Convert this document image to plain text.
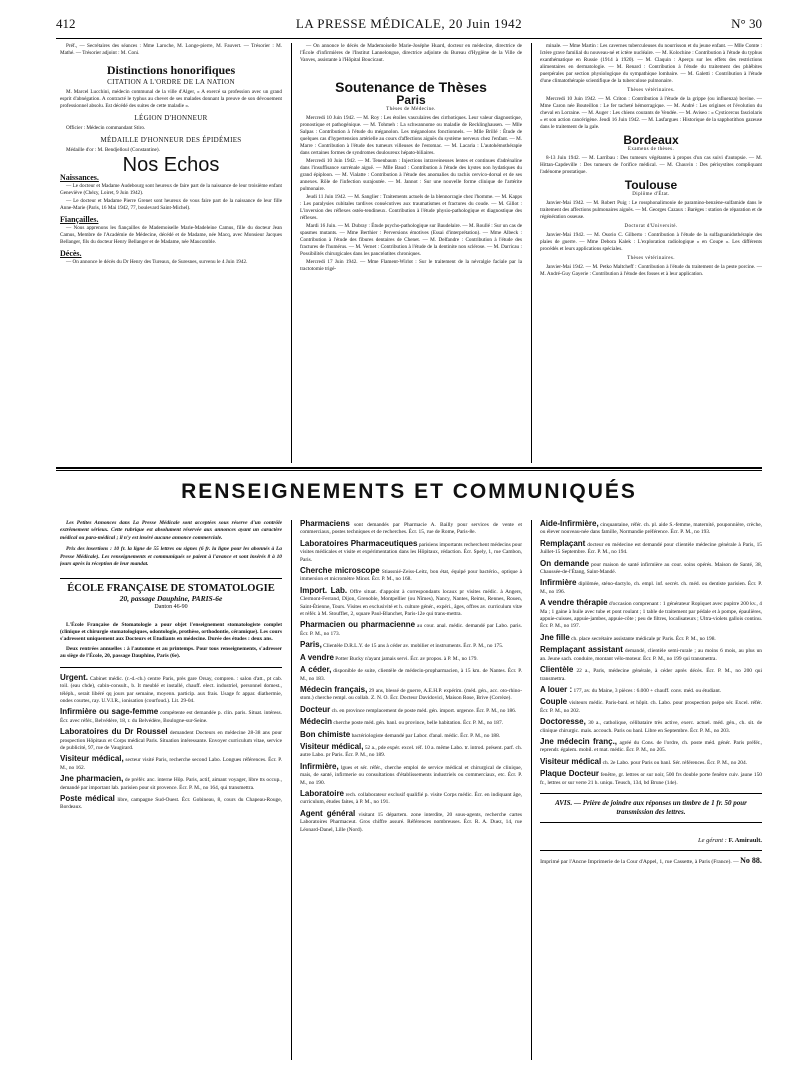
412	LA PRESSE MÉDICALE, 20 Juin 1942	N° 30

Préf., — Secrétaires des séances : Mme Laroche, M. Longe-pierre, M. Fauvert. — Trésorier : M. Mathé. — Trésorier adjoint : M. Coni.

Distinctions honorifiques
CITATION A L'ORDRE DE LA NATION

M. Marcel Lucchini, médecin communal de la ville d'Alger, « A exercé sa profession avec un grand esprit d'abnégation. A contracté le typhus au chevet de ses malades donnant la preuve de son dévouement professionnel absolu. Est décédé des suites de cette maladie ».

LÉGION D'HONNEUR

Officier : Médecin commandant Stiro.

MÉDAILLE D'HONNEUR DES ÉPIDÉMIES

Médaille d'or : M. Bendjelloul (Constantine).

Nos Echos
Naissances.

— Le docteur et Madame Audebourg sont heureux de faire part de la naissance de leur troisième enfant Geneviève (Chézy, Loiret, 9 Juin 1942).

— Le docteur et Madame Pierre Grenet sont heureux de vous faire part de la naissance de leur fille Anne-Marie (Paris, 16 Mai 1942, 77, boulevard Saint-Michel).

Fiançailles.

— Nous apprenons les fiançailles de Mademoiselle Marie-Madeleine Camus, fille du docteur Jean Camus, Membre de l'Académie de Médecine, décédé et de Madame, née Macq, avec Monsieur Jacques Bellanger, fils du docteur Henry Bellanger et de Madame, née Maucomble.

Décès.

— On annonce le décès du Dr Henry des Tureaux, de Suresnes, survenu le 4 Juin 1942.

— On annonce le décès de Mademoiselle Marie-Joséphe Huard, docteur en médecine, directrice de l'École d'infirmières de l'Institut Lannelongue, directrice adjointe du Bureau d'Hygiène de la Ville de Vanves, assistante à l'Hôpital Boucicaut.

Soutenance de Thèses
Paris
Thèses de Médecine.

Mercredi 10 Juin 1942. — M. Roy : Les étoiles vasculaires des cirrhotiques. Leur valeur diagnostique, pronostique et pathogénique. — M. Tohmeh : La schwannome ou maladie de Recklinghausen. — Mlle Salpas : Contribution à l'étude du méganolon. Les méganolons fonctionnels. — Mlle Brillé : Étude de quelques cas d'hypertension artérielle au cours d'affections aiguës du système nerveux chez l'enfant. — M. Marre : Contribution à l'étude des tumeurs villeuses de l'estomac. — M. Lacaria : L'autohémothérapie dans certaines formes de syndromes douloureux hépato-biliaires.

Mercredi 10 Juin 1942. — M. Tenenbaum : Injections intraveineuses lentes et continues d'adrénaline dans l'insuffisance surrénale aiguë. — Mlle Baud : Contribution à l'étude des kystes non hydatiques du grand épiploon. — M. Vialatte : Contribution à l'étude des anomalies du rachis cervico-dorsal et de ses annexes. Rôle de l'infection surajoutée. — M. Jannot : Sur une nouvelle forme clinique de l'artérite pulmonaire.

Jeudi 11 Juin 1942. — M. Sanglier : Traitements actuels de la blennorragie chez l'homme. — M. Kapps : Les paralysies cubitales tardives consécutives aux traumatismes et fractures du coude. — M. Gillot : L'inversion des réflexes ostéo-tendineux. Contribution à l'étude physio-pathologique et diagnostique des réflexes.

Mardi 16 Juin. — M. Dubray : Étude psycho-pathologique sur Baudelaire. — M. Roullé : Sur un cas de spasmes mutants. — Mme Berthier : Perversions émotives (Essai d'interprétation). — Mme Albeck : Contribution à l'étude des fibures dentaires de Chenet. — M. Delfandre : Contribution à l'étude des fractures de l'humérus. — M. Vernet : Contribution à l'étude de la dentinite non sclérose. — M. Darricau : Possibilités chirurgicales dans les pancréatites chroniques.

Mercredi 17 Juin 1942. — Mme Flament-Wirlot : Sur le traitement de la névralgie faciale par la tractotomie trigé-

minale. — Mme Martin : Les cavernes tuberculeuses du nourrisson et du jeune enfant. — Mlle Comte : Ictère grave familial du nouveau-né et ictère nucléaire. — M. Kolochine : Contribution à l'étude du typhus exanthématique en Russie (1914 à 1920). — M. Claquin : Aperçu sur les effets des restrictions alimentaires en dermatologie. — M. Renard : Contribution à l'étude du traitement des phlébites puerpérales par section physiologique du sympathique lombaire. — M. Galetti : Contribution à l'étude d'une climatothérapie scientifique de la tuberculose pulmonaire.

Thèses vétérinaires.

Mercredi 10 Juin 1942. — M. Criton : Contribution à l'étude de la grippe (ou influenza) bovine. — Mme Caron née Bouteillon : Le fer tacheté hémorragique. — M. André : Les origines et l'évolution du cheval en Lorraine. — M. Auger : Les chiens courants de Vendée. — M. Aviseo : « Cysticercus fasciolaris » et son action cancérigène. Jeudi 16 Juin 1942. — M. Lasfargues : Historique de la sapphotithon gazeuse dans le traitement de la gale.

Bordeaux
Examens de thèses.

8-13 Juin 1942. — M. Larribau : Des tumeurs végétantes à propos d'un cas suivi d'autopsie. — M. Hittan-Capdeville : Des tumeurs de l'orifice médical. — M. Chauvin : Des périsystites compliquant l'adénome prostatique.

Toulouse
Diplôme d'État.

Janvier-Mai 1942. — M. Robert Puig : Le rossphonalimonie de paramino-benzène-sulfamide dans le traitement des affections pulmonaires aiguës. — M. Georges Cazaux : Barèges : station de réparation et de régénération osseuse.

Doctorat d'Université.

Janvier-Mai 1942. — M. Osorio C. Gilberto : Contribution à l'étude de la sulfaguanidothérapie des plaies de guerre. — Mme Debora Kalek : L'exploration radiologique « en Coupe ». Les différents procédés et leurs applications spéciales.

Thèses vétérinaires.

Janvier-Mai 1942. — M. Petko Maltcheff : Contribution à l'étude du traitement de la peste porcine. — M. André-Guy Gayerie : Contribution à l'étude des fosses et à leur application.

RENSEIGNEMENTS ET COMMUNIQUÉS

Les Petites Annonces dans La Presse Médicale sont acceptées sous réserve d'un contrôle extrêmement sérieux. Cette rubrique est absolument réservée aux annonces ayant un caractère médical ou para-médical ; il n'y est inséré aucune annonce commerciale.

Prix des insertions : 10 fr. la ligne de 55 lettres ou signes (6 fr. la ligne pour les abonnés à La Presse Médicale). Les renseignements et communiqués se paient à l'avance et sont insérés 8 à 10 jours après la réception de leur mandat.

ÉCOLE FRANÇAISE DE STOMATOLOGIE
20, passage Dauphine, PARIS-6e
Danton 46-90

L'École Française de Stomatologie a pour objet l'enseignement stomatologiste complet (clinique et chirurgie stomatologiques, odontologie, prothèse, orthodontie, céramique). Les cours s'adressent uniquement aux Docteurs et Etudiants en médecine. Durée des études : deux ans.

Deux rentrées annuelles : à l'automne et au printemps. Pour tous renseignements, s'adresser au siège de l'École, 20, passage Dauphine, Paris (6e).

Urgent. Cabinet médic. (r.-d.-ch.) centre Paris, près gare Orsay, compren. : salon d'att., pt cab. toil. (eau chde), cabin-consult., b. It meublé et installé, chauff. elect. industriel, personnel domest., téléph., serait libéré qq jours par semaine, moyenn. particip. aux frais. Usage fc appar. diathermie, ondes courtes, ray. U.V.I.R., ionisation (courfoud.). Lit. 29-04.

Infirmière ou sage-femme compétente est demandée p. clin. paris. Situat. intéress. Écr. avec référ., Belvédère, 18, r. du Belvédère, Boulogne-sur-Seine.

Laboratoires du Dr Roussel demandent Docteurs en médecine 28-38 ans pour prospection Hôpitaux et Corps médical Paris. Situation intéressante. Envoyer curriculum vitae, service de publicité, 97, rue de Vaugirard.

Visiteur médical, secteur visité Paris, recherche second Labo. Longues références. Écr. P. M., no 162.

Jne pharmacien, de préfér. anc. interne Hôp. Paris, actif, aimant voyager, libre tts occup., demandé par important lab. parisien pour sit provence. Écr. P. M., no 164, qui transmettra.

Poste médical libre, campagne Sud-Ouest. Écr. Gobineau, 8, cours du Chapeau-Rouge, Bordeaux.

Pharmaciens sont demandés par Pharmacie A. Bailly pour services de vente et commerciaux, postes techniques et de recherches. Écr. 15, rue de Rome, Paris-8e.

Laboratoires Pharmaceutiques parisiens importants recherchent médecins pour visites médicales et visite et expérimentation dans les Hôpitaux, rédaction. Écr. Spely, 1, rue Cambon, Paris.

Cherche microscope Stiassnié-Zeiss-Leitz, bon état, équipé pour bactério., optique à immersion et micromètre Minot. Écr. P. M., no 168.

Import. Lab. Offre situat. d'appoint à correspondants locaux pr visites médic. à Angers, Clermont-Ferrand, Dijon, Grenoble, Montpellier (ou Nîmes), Nancy, Nantes, Reims, Rennes, Rouen, Saint-Étienne, Tours. Visites en exclusivité et h. culture génér., expéri., âges, offres av. curriculum vitæ et référ. à M. Stoufflet, 2, square Paul-Blanchet, Paris-12e qui trans-mettra.

Pharmacien ou pharmacienne au cour. anal. médic. demandé par Labo. paris. Écr. P. M., no 173.

Paris, Clientèle D.R.L.Y. de 15 ans à céder av. mobilier et instruments. Écr. P. M., no 175.

A vendre Potter Bucky n'ayant jamais servi. Écr. av propos. à P. M., no 179.

A céder, disponible de suite, clientèle de médecin-propharmacien, à 15 km. de Nantes. Écr. P. M., no 183.

Médecin français, 29 ans, blessé de guerre, A.E.H.P. expérim. (méd. gén., acc. oto-rhino-stom.) cherche rempl. ou collab. Z. N. O. Écr. Docteur Davidovici, Maison Rose, Brive (Corrèze).

Docteur ch. en province remplacement de poste méd. gén. import. urgence. Écr. P. M., no 186.

Médecin cherche poste méd. gén. banl. ou province, belle habitation. Écr. P. M., no 187.

Bon chimiste bactériologiste demandé par Labor. d'anal. médic. Écr. P. M., no 188.

Visiteur médical, 52 a., pde expér. excel. réf. 10 a. même Labo. tr. introd. présent. parf. ch. autre Labo. pr Paris. Écr. P. M., no 189.

Infirmière, lgues et sér. référ., cherche emploi de service médical et chirurgical de clinique, mais, de santé, infirmerie ou consultations d'établissements industriels ou commerciaux, etc. Écr. P. M., no 190.

Laboratoire rech. collaborateur exclusif qualifié p. visite Corps médic. Écr. en indiquant âge, curriculum, études faites, à P. M., no 191.

Agent général visitant 15 départem. zone interdite, 20 sous-agents, recherche cartes Laboratoires Pharmaceut. Gros chiffre assuré. Références nombreuses. Écr. R. A. Duez, 14, rue Léonard-Danel, Lille (Nord).

Aide-Infirmière, cinquantaine, référ. ch. pl. aide S.-femme, maternité, pouponnière, crèche, ou élever nouveau-née dans famille, Normandie préférence. Écr. P. M., no 193.

Remplaçant docteur en médecine est demandé pour clientèle médecine générale à Paris, 15 Juillet-15 Septembre. Écr. P. M., no 194.

On demande pour maison de santé infirmière au cour. soins opérés. Maison de Santé, 38, Chaussée-de-l'Étang, Saint-Mandé.

Infirmière diplômée, sténo-dactylo, ch. empl. inf. secrét. ch. méd. ou dentiste parisien. Écr. P. M., no 196.

A vendre thérapie d'occasion comprenant : 1 générateur Ropiquet avec pupitre 200 kv., 4 Ma ; 1 gaine à huile avec tube et pont roulant ; 1 table de traitement par pédale et à pompe, épaulières, appuie-cuisses, appuie-jambes, appuie-côte ; peu de filtres, localisateurs ; Ultra-violets gallois continu. Écr. P. M., no 197.

Jne fille ch. place secrétaire assistante médicale pr Paris. Écr. P. M., no 198.

Remplaçant assistant demandé, clientèle semi-rurale ; au moins 6 mois, au plus un an. Jeune sach. conduire, montant vélo-moteur. Écr. P. M., no 199 qui transmettra.

Clientèle 22 a., Paris, médecine générale, à céder après décès. Écr. P. M., no 200 qui transmettra.

A louer : 177, av. du Maine, 3 pièces : 6.000 + chauff. conv. méd. ou étudiant.

Couple visiteurs médic. Paris-banl. et hôpit. ch. Labo. pour prospection psépo sér. Excel. référ. Écr. P. M., no 202.

Doctoresse, 30 a., catholique, célibataire très active, exerc. actuel. méd. gén., ch. sit. de clinique chirurgic. mais. accouch. Paris ou banl. Libre en Septembre. Écr. P. M., no 203.

Jne médecin franç., agréé du Cons. de l'ordre, ch. poste méd. génér. Paris préfér., reprendr. égalem. mobil. et mat. médic. Écr. P. M., no 205.

Visiteur médical ch. 2e Labo. pour Paris ou banl. Sér. références. Écr. P. M., no 204.

Plaque Docteur fenêtre, gr. lettres or sur noir, 500 frs double porte fenêtre cuiv. jaune 150 fr., lettres or sur verre 21 h. uniqu. Teusch, 134, bd Brune (14e).

AVIS. — Prière de joindre aux réponses un timbre de 1 fr. 50 pour transmission des lettres.
Le gérant : F. Amirault.
Imprimé par l'Ancne Imprimerie de la Cour d'Appel, 1, rue Cassette, à Paris (France). — No 88.
